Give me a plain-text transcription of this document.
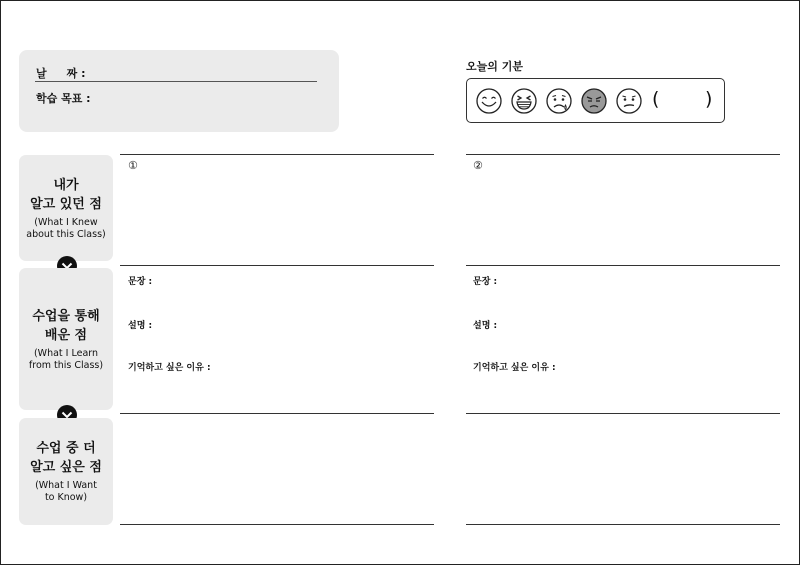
날 짜 :
학습 목표 :
오늘의 기분
( )
내가
알고 있던 점
(What I Knew
about this Class)
수업을 통해
배운 점
(What I Learn
from this Class)
수업 중 더
알고 싶은 점
(What I Want
to Know)
①	②
문장 :
설명 :
기억하고 싶은 이유 :
문장 :
설명 :
기억하고 싶은 이유 :
